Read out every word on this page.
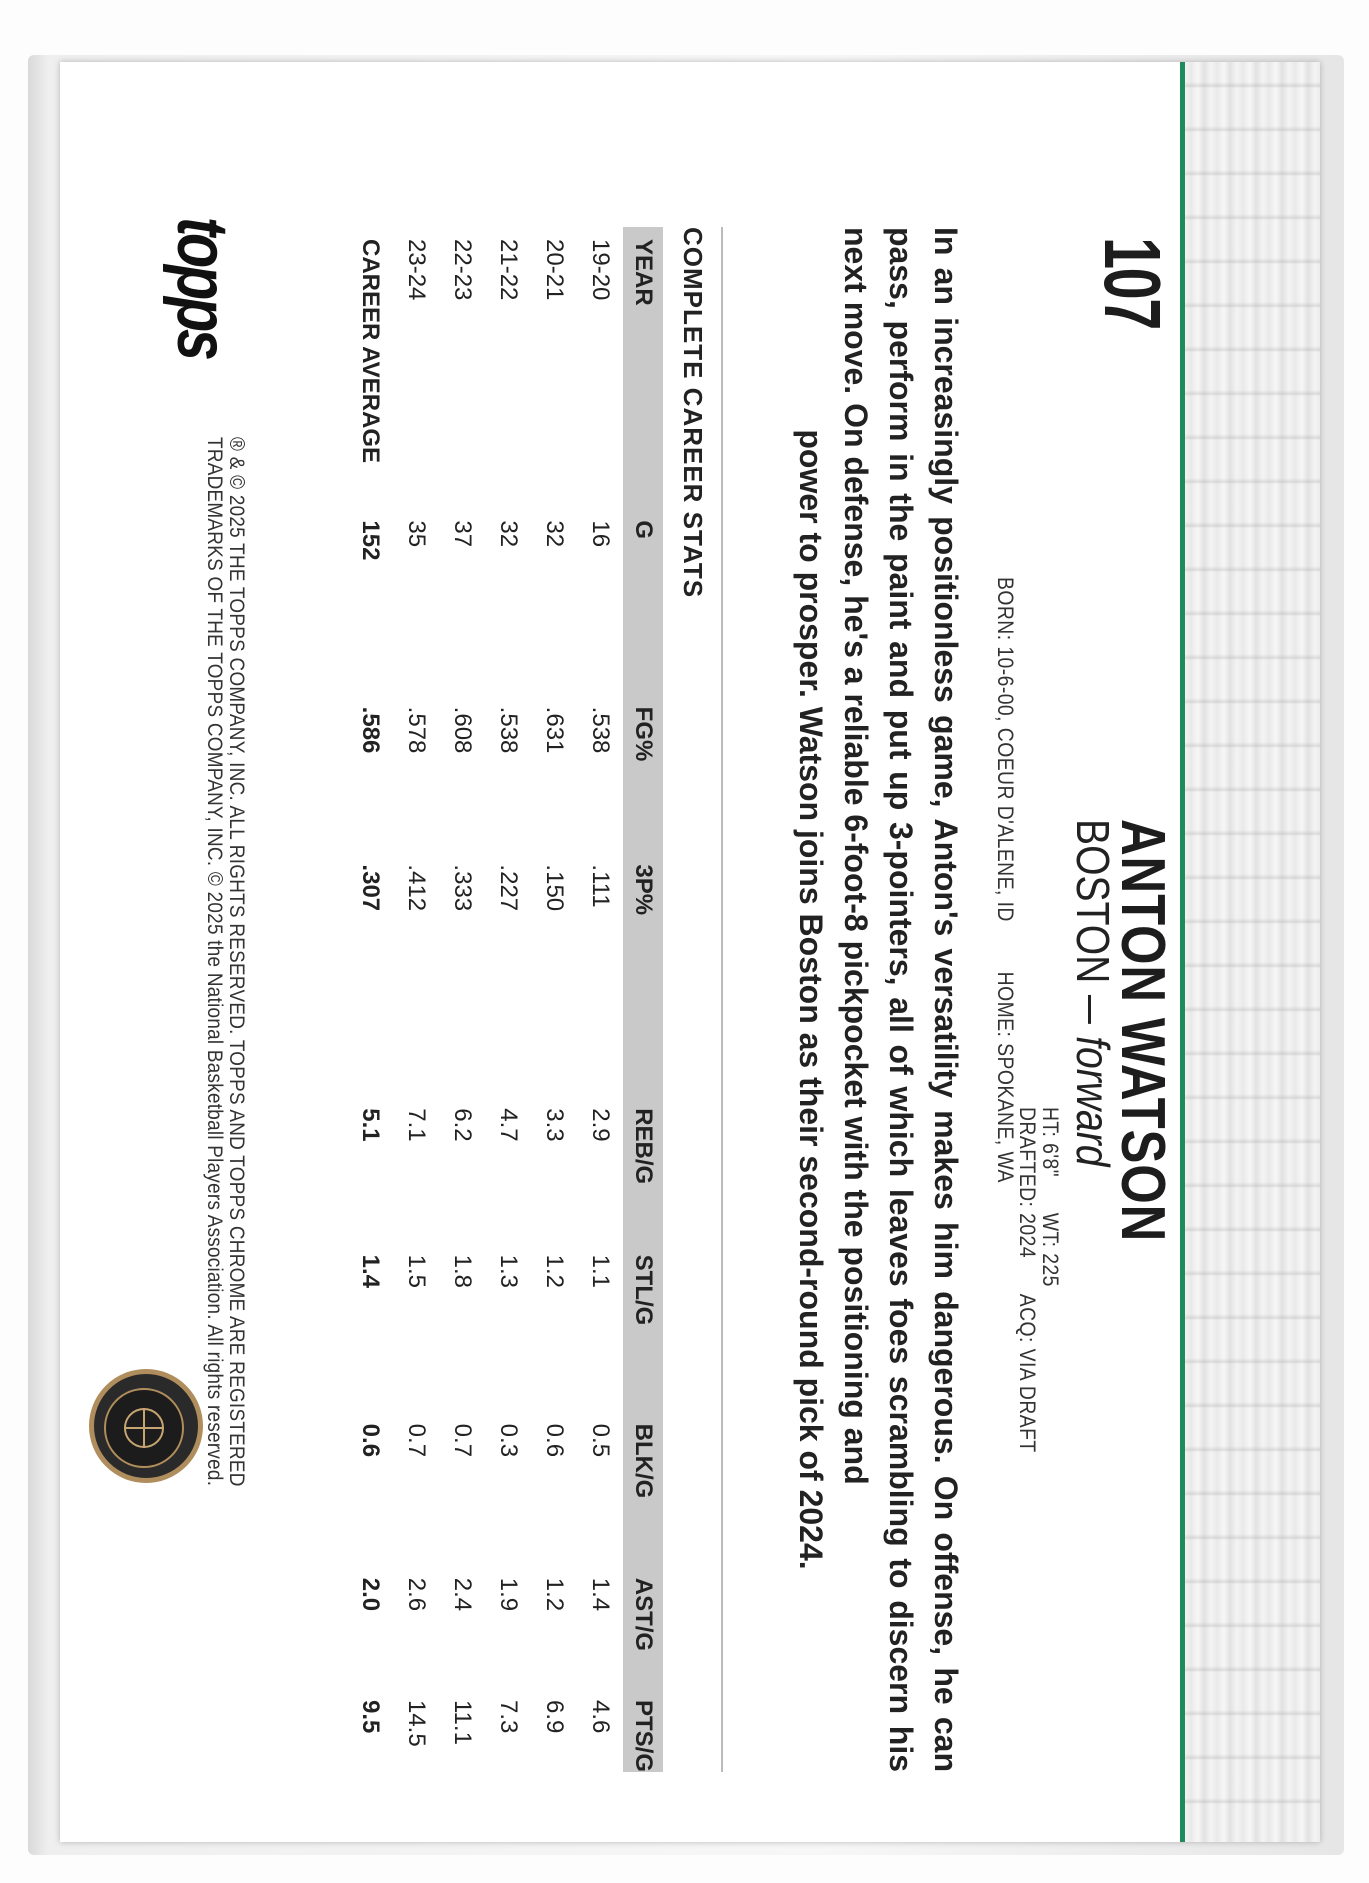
107
ANTON WATSON
BOSTONforward
HT: 6'8" WT: 225
DRAFTED: 2024 ACQ: VIA DRAFT
BORN: 10-6-00, COEUR D'ALENE, ID HOME: SPOKANE, WA
In an increasingly positionless game, Anton's versatility makes him dangerous. On offense, he can pass, perform in the paint and put up 3-pointers, all of which leaves foes scrambling to discern his next move. On defense, he's a reliable 6-foot-8 pickpocket with the positioning and
power to prosper. Watson joins Boston as their second-round pick of 2024.
COMPLETE CAREER STATS
YEAR	G	FG%	3P%	REB/G	STL/G	BLK/G	AST/G	PTS/G
19-20	16	.538	.111	2.9	1.1	0.5	1.4	4.6
20-21	32	.631	.150	3.3	1.2	0.6	1.2	6.9
21-22	32	.538	.227	4.7	1.3	0.3	1.9	7.3
22-23	37	.608	.333	6.2	1.8	0.7	2.4	11.1
23-24	35	.578	.412	7.1	1.5	0.7	2.6	14.5
CAREER AVERAGE	152	.586	.307	5.1	1.4	0.6	2.0	9.5
topps
® & © 2025 THE TOPPS COMPANY, INC. ALL RIGHTS RESERVED. TOPPS AND TOPPS CHROME ARE REGISTERED
TRADEMARKS OF THE TOPPS COMPANY, INC. © 2025 the National Basketball Players Association. All rights reserved.
